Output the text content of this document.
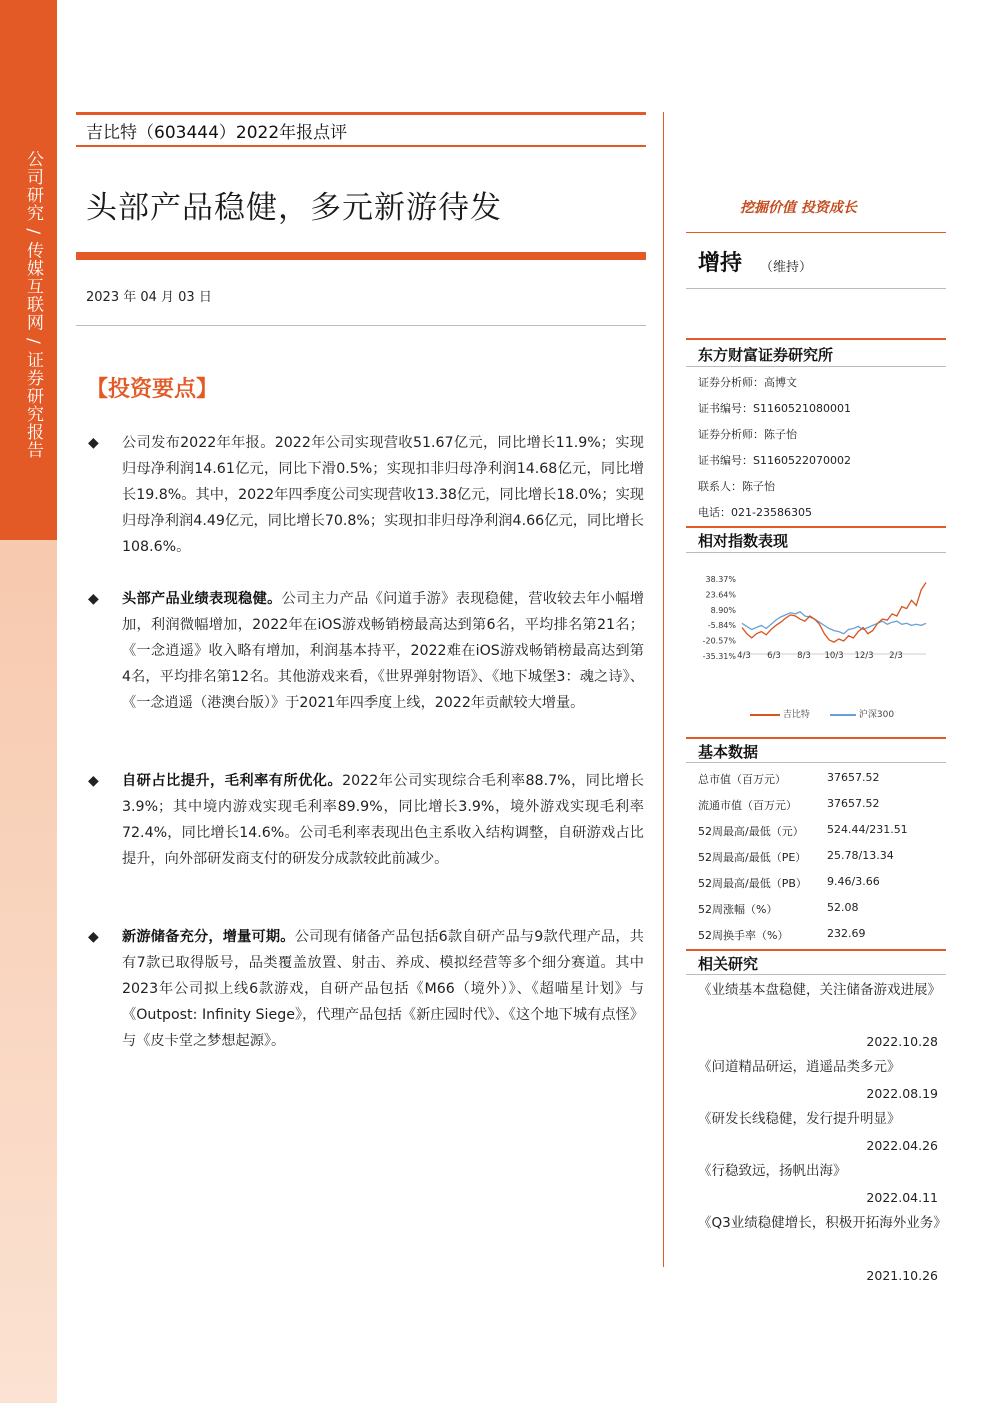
公司研究 / 传媒互联网 / 证券研究报告
吉比特（603444）2022年报点评
头部产品稳健，多元新游待发
2023 年 04 月 03 日
【投资要点】
◆ 公司发布2022年年报。2022年公司实现营收51.67亿元，同比增长11.9%；实现归母净利润14.61亿元，同比下滑0.5%；实现扣非归母净利润14.68亿元，同比增长19.8%。其中，2022年四季度公司实现营收13.38亿元，同比增长18.0%；实现归母净利润4.49亿元，同比增长70.8%；实现扣非归母净利润4.66亿元，同比增长108.6%。
◆ 头部产品业绩表现稳健。公司主力产品《问道手游》表现稳健，营收较去年小幅增加，利润微幅增加，2022年在iOS游戏畅销榜最高达到第6名，平均排名第21名；《一念逍遥》收入略有增加，利润基本持平，2022难在iOS游戏畅销榜最高达到第4名，平均排名第12名。其他游戏来看，《世界弹射物语》、《地下城堡3：魂之诗》、《一念逍遥（港澳台版）》于2021年四季度上线，2022年贡献较大增量。
◆ 自研占比提升，毛利率有所优化。2022年公司实现综合毛利率88.7%，同比增长3.9%；其中境内游戏实现毛利率89.9%，同比增长3.9%，境外游戏实现毛利率72.4%，同比增长14.6%。公司毛利率表现出色主系收入结构调整，自研游戏占比提升，向外部研发商支付的研发分成款较此前减少。
◆ 新游储备充分，增量可期。公司现有储备产品包括6款自研产品与9款代理产品，共有7款已取得版号，品类覆盖放置、射击、养成、模拟经营等多个细分赛道。其中2023年公司拟上线6款游戏，自研产品包括《M66（境外）》、《超喵星计划》与《Outpost: Infinity Siege》，代理产品包括《新庄园时代》、《这个地下城有点怪》与《皮卡堂之梦想起源》。
挖掘价值 投资成长
增持 （维持）
东方财富证券研究所
证券分析师：高博文
证书编号：S1160521080001
证券分析师：陈子怡
证书编号：S1160522070002
联系人：陈子怡
电话：021-23586305
相对指数表现
38.37%
23.64%
8.90%
-5.84%
-20.57%
-35.31% 4/3 6/3 8/3 10/3 12/3 2/3
吉比特	沪深300
基本数据
总市值（百万元）	37657.52
流通市值（百万元）	37657.52
52周最高/最低（元） 524.44/231.51
52周最高/最低（PE） 25.78/13.34
52周最高/最低（PB） 9.46/3.66
52周涨幅（%）	52.08
52周换手率（%）	232.69
相关研究
《业绩基本盘稳健，关注储备游戏进展》
2022.10.28
《问道精品研运，逍遥品类多元》
2022.08.19
《研发长线稳健，发行提升明显》
2022.04.26
《行稳致远，扬帆出海》
2022.04.11
《Q3业绩稳健增长，积极开拓海外业务》
2021.10.26
